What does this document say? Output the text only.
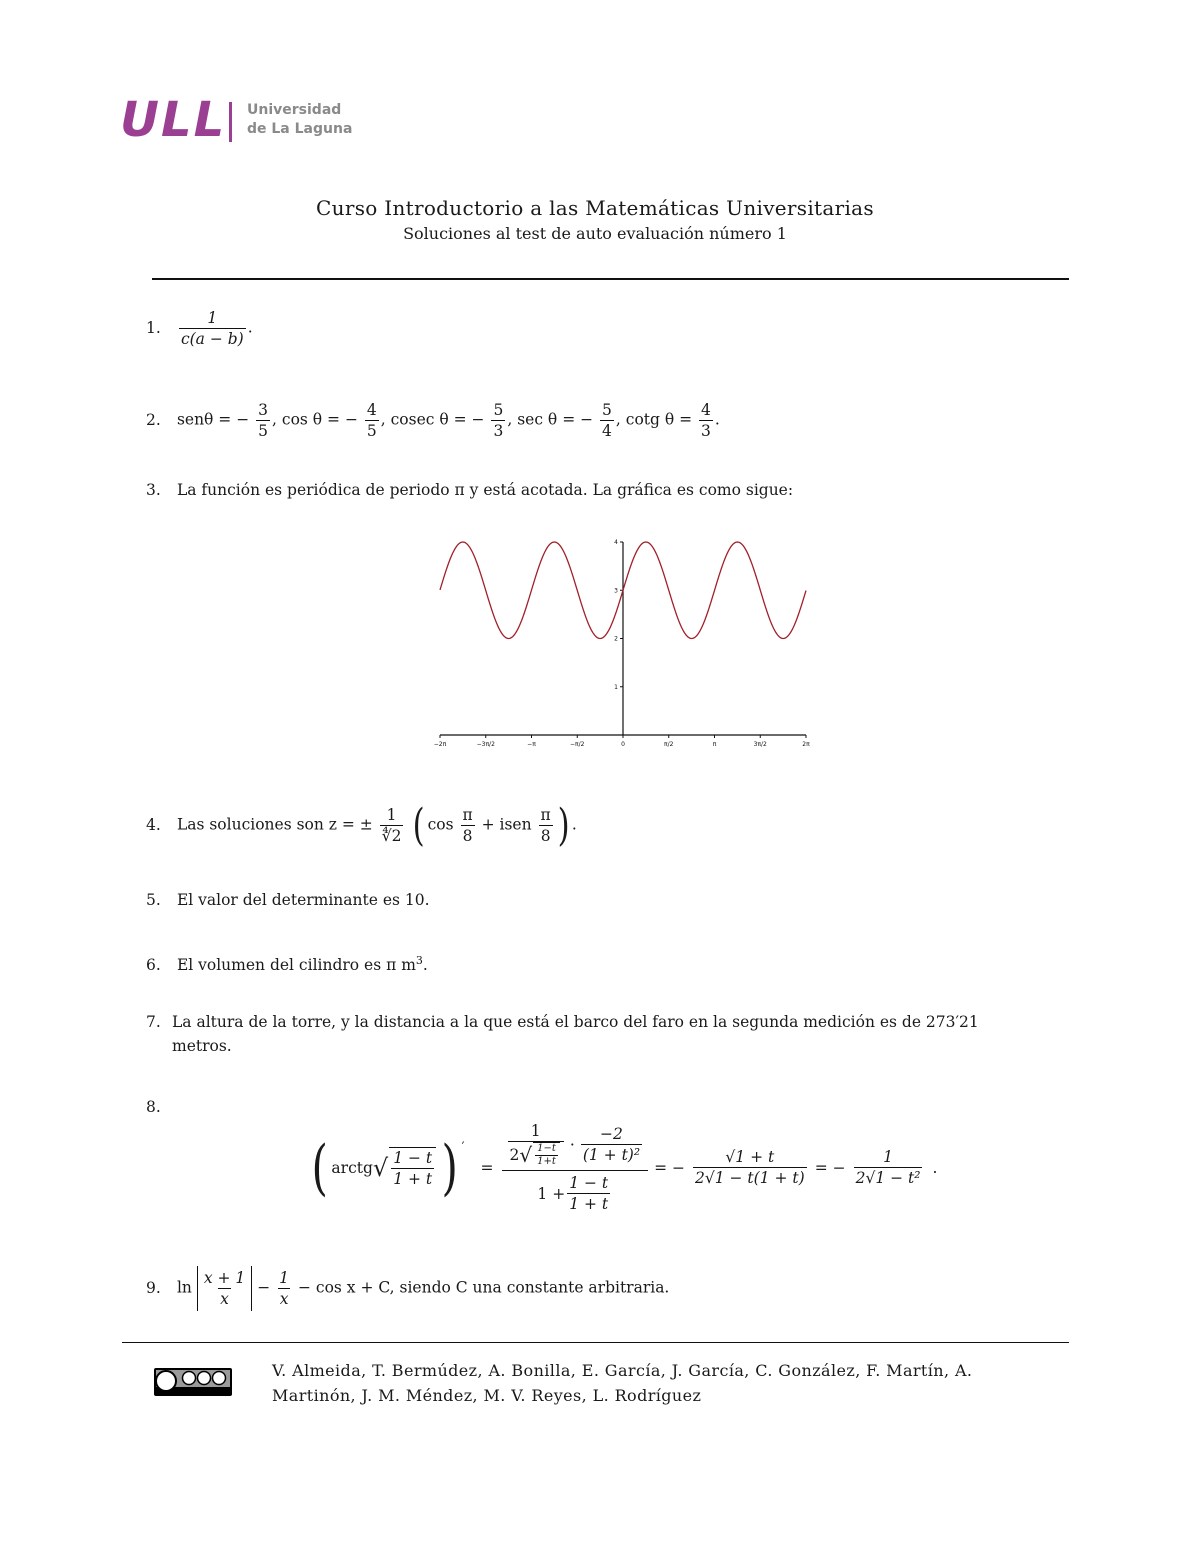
ULL Universidad
de La Laguna
Curso Introductorio a las Matemáticas Universitarias
Soluciones al test de auto evaluación número 1
1. $\frac{1}{c(a - b)}$ .
2. senθ = − $\frac{3}{5}$ , cos θ = − $\frac{4}{5}$ , cosec θ = − $\frac{5}{3}$ , sec θ = − $\frac{5}{4}$ , cotg $\theta = \frac{4}{3}$ .
3. La función es periódica de periodo π y está acotada. La gráfica es como sigue:
−2π	−3π/2	−π	−π/2	0	π/2	π	3π/2	2π
1
2
3
4
4. Las soluciones son z = ± $\frac{1}{∜2}$ ( $\cos \frac{\pi}{8}$ + isen $\frac{\pi}{8}$ ) .
5. El valor del determinante es 10.
6. El volumen del cilindro es π $m^3$.
7. La altura de la torre, y la distancia a la que está el barco del faro en la segunda medición es de 273′21
metros.
8.
( arctg √ $\frac{1 - t}{1 + t}$ ) ′
= $\frac{1}{2 √ \frac{1-t}{1+t}} \cdot \frac{-2}{\text{(1 + t)²}}$
$1 + \frac{1 - t}{1 + t}$
= − $\frac{√1 + t}{2√1 - t(1 + t)}$ = − $\frac{1}{\text{2√1 − t²}}$ .
9. $\ln \frac{x + 1}{x} - \frac{1}{x} - \cos x + C$, siendo C una constante arbitraria.
V. Almeida, T. Bermúdez, A. Bonilla, E. García, J. García, C. González, F. Martín, A.
Martinón, J. M. Méndez, M. V. Reyes, L. Rodríguez
